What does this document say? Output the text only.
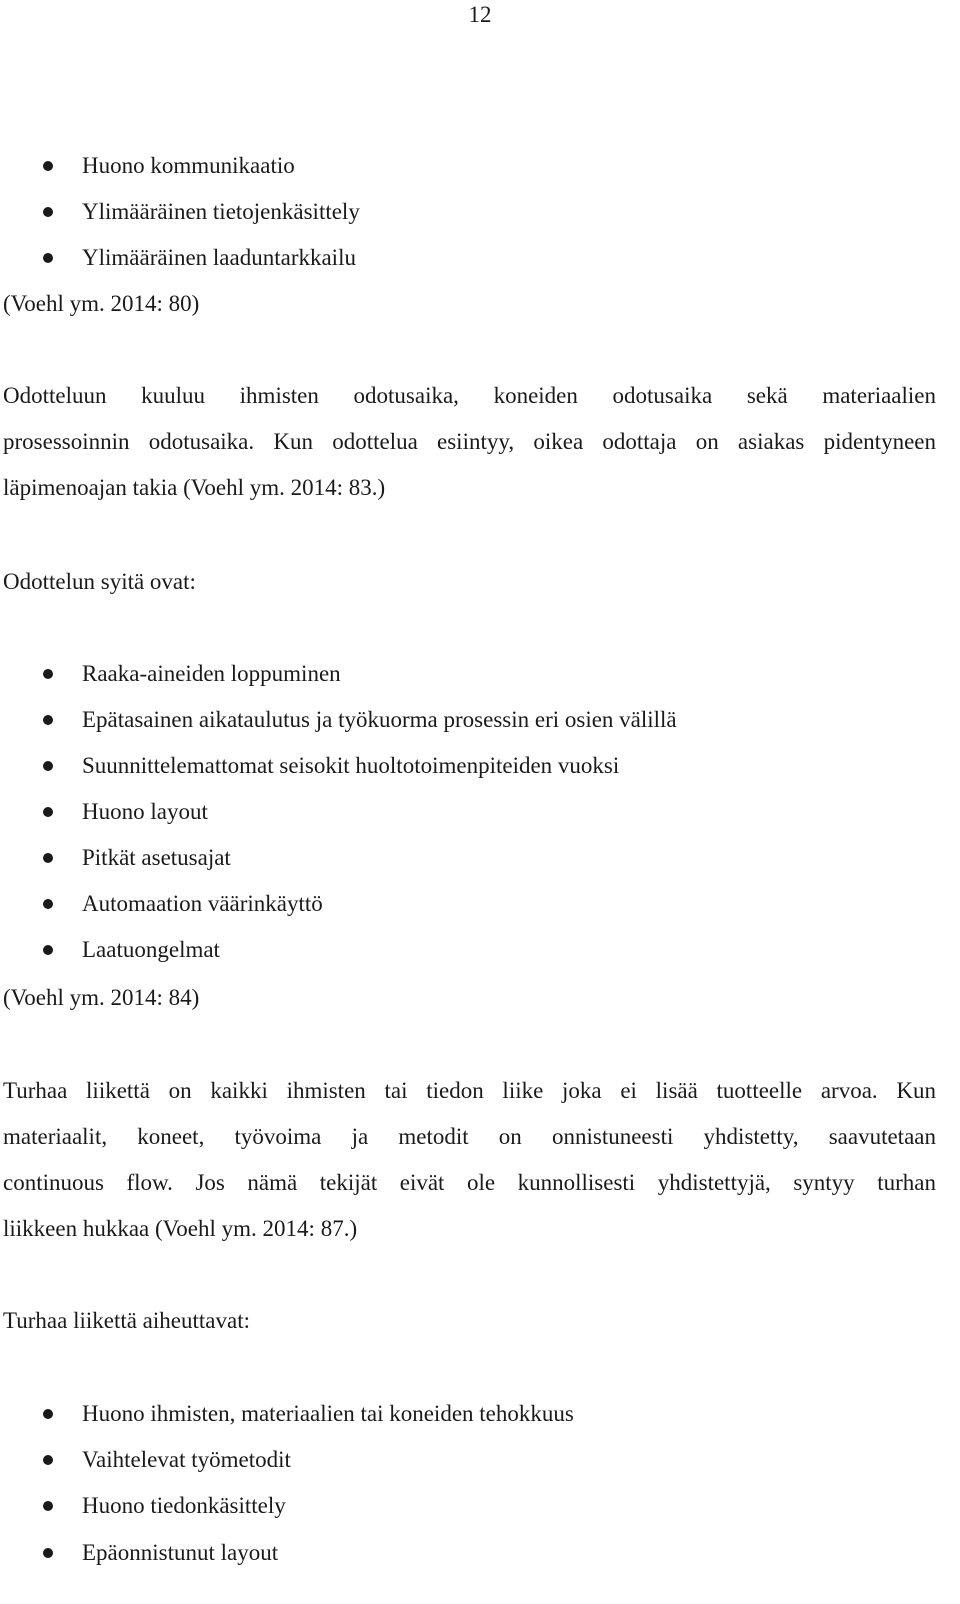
12
Huono kommunikaatio
Ylimääräinen tietojenkäsittely
Ylimääräinen laaduntarkkailu
(Voehl ym. 2014: 80)
Odotteluun kuuluu ihmisten odotusaika, koneiden odotusaika sekä materiaalien
prosessoinnin odotusaika. Kun odottelua esiintyy, oikea odottaja on asiakas pidentyneen
läpimenoajan takia (Voehl ym. 2014: 83.)
Odottelun syitä ovat:
Raaka-aineiden loppuminen
Epätasainen aikataulutus ja työkuorma prosessin eri osien välillä
Suunnittelemattomat seisokit huoltotoimenpiteiden vuoksi
Huono layout
Pitkät asetusajat
Automaation väärinkäyttö
Laatuongelmat
(Voehl ym. 2014: 84)
Turhaa liikettä on kaikki ihmisten tai tiedon liike joka ei lisää tuotteelle arvoa. Kun
materiaalit, koneet, työvoima ja metodit on onnistuneesti yhdistetty, saavutetaan
continuous flow. Jos nämä tekijät eivät ole kunnollisesti yhdistettyjä, syntyy turhan
liikkeen hukkaa (Voehl ym. 2014: 87.)
Turhaa liikettä aiheuttavat:
Huono ihmisten, materiaalien tai koneiden tehokkuus
Vaihtelevat työmetodit
Huono tiedonkäsittely
Epäonnistunut layout
